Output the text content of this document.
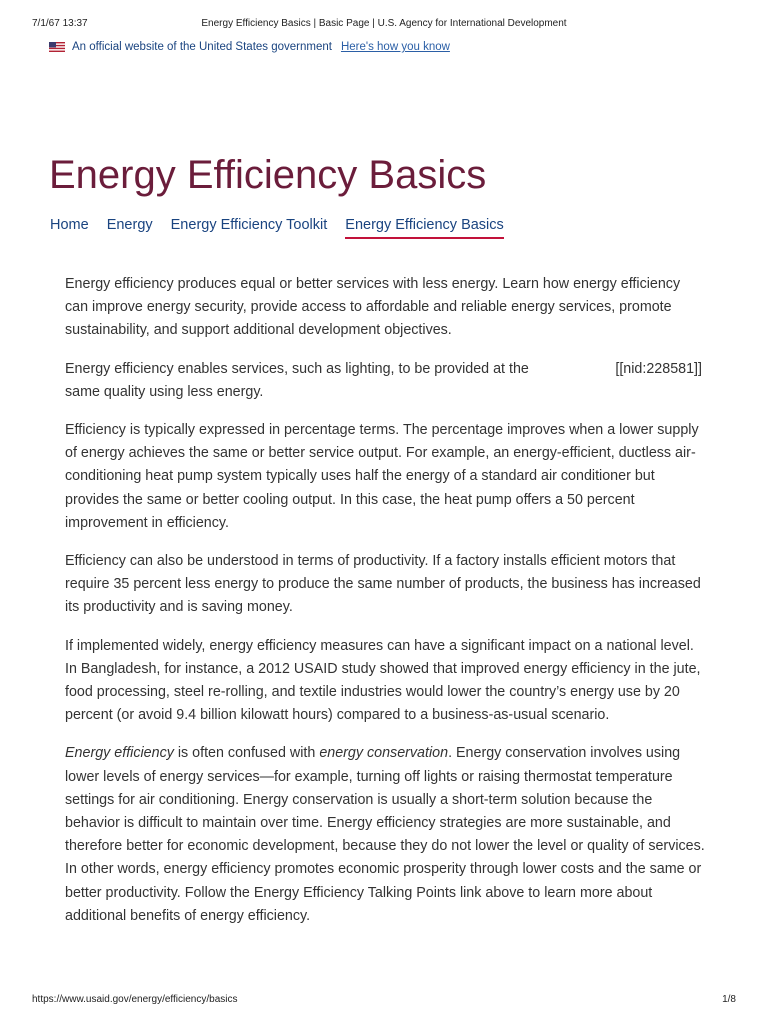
7/1/67 13:37	Energy Efficiency Basics | Basic Page | U.S. Agency for International Development
An official website of the United States government Here's how you know
Energy Efficiency Basics
Home Energy Energy Efficiency Toolkit Energy Efficiency Basics

Energy efficiency produces equal or better services with less energy. Learn how energy efficiency can improve energy security, provide access to affordable and reliable energy services, promote sustainability, and support additional development objectives.

Energy efficiency enables services, such as lighting, to be provided at the same quality using less energy.
[[nid:228581]]

Efficiency is typically expressed in percentage terms. The percentage improves when a lower supply of energy achieves the same or better service output. For example, an energy-efficient, ductless air-conditioning heat pump system typically uses half the energy of a standard air conditioner but provides the same or better cooling output. In this case, the heat pump offers a 50 percent improvement in efficiency.

Efficiency can also be understood in terms of productivity. If a factory installs efficient motors that require 35 percent less energy to produce the same number of products, the business has increased its productivity and is saving money.

If implemented widely, energy efficiency measures can have a significant impact on a national level. In Bangladesh, for instance, a 2012 USAID study showed that improved energy efficiency in the jute, food processing, steel re-rolling, and textile industries would lower the country’s energy use by 20 percent (or avoid 9.4 billion kilowatt hours) compared to a business-as-usual scenario.

Energy efficiency is often confused with energy conservation. Energy conservation involves using lower levels of energy services—for example, turning off lights or raising thermostat temperature settings for air conditioning. Energy conservation is usually a short-term solution because the behavior is difficult to maintain over time. Energy efficiency strategies are more sustainable, and therefore better for economic development, because they do not lower the level or quality of services. In other words, energy efficiency promotes economic prosperity through lower costs and the same or better productivity. Follow the Energy Efficiency Talking Points link above to learn more about additional benefits of energy efficiency.

https://www.usaid.gov/energy/efficiency/basics	1/8
